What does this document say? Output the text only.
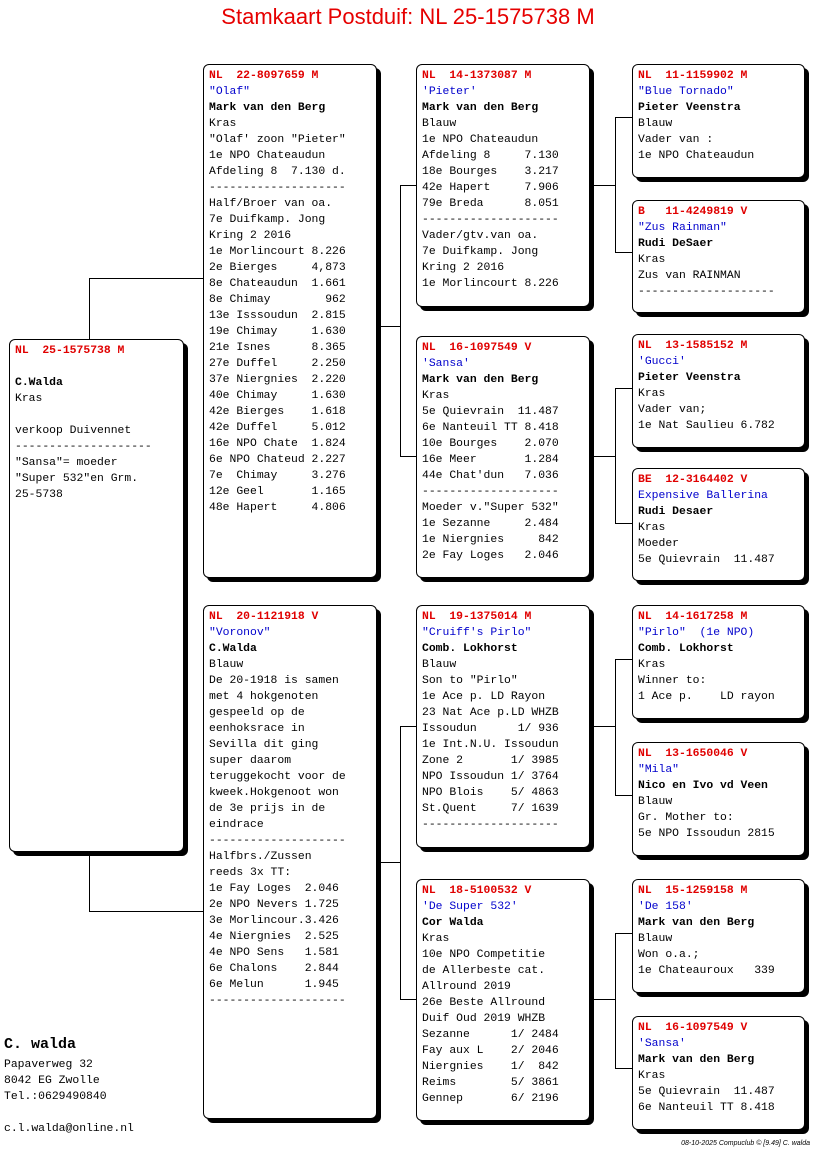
Stamkaart Postduif: NL 25-1575738 M
NL  25-1575738 M
C.Walda
Kras
verkoop Duivennet
--------------------
"Sansa"= moeder
"Super 532"en Grm.
25-5738
NL  22-8097659 M
"Olaf"
Mark van den Berg
Kras
"Olaf' zoon "Pieter"
1e NPO Chateaudun
Afdeling 8  7.130 d.
--------------------
Half/Broer van oa.
7e Duifkamp. Jong
Kring 2 2016
1e Morlincourt 8.226
2e Bierges     4,873
8e Chateaudun  1.661
8e Chimay        962
13e Isssoudun  2.815
19e Chimay     1.630
21e Isnes      8.365
27e Duffel     2.250
37e Niergnies  2.220
40e Chimay     1.630
42e Bierges    1.618
42e Duffel     5.012
16e NPO Chate  1.824
6e NPO Chateud 2.227
7e  Chimay     3.276
12e Geel       1.165
48e Hapert     4.806
NL  20-1121918 V
"Voronov"
C.Walda
Blauw
De 20-1918 is samen
met 4 hokgenoten
gespeeld op de
eenhoksrace in
Sevilla dit ging
super daarom
teruggekocht voor de
kweek.Hokgenoot won
de 3e prijs in de
eindrace
--------------------
Halfbrs./Zussen
reeds 3x TT:
1e Fay Loges  2.046
2e NPO Nevers 1.725
3e Morlincour.3.426
4e Niergnies  2.525
4e NPO Sens   1.581
6e Chalons    2.844
6e Melun      1.945
--------------------
NL  14-1373087 M
'Pieter'
Mark van den Berg
Blauw
1e NPO Chateaudun
Afdeling 8     7.130
18e Bourges    3.217
42e Hapert     7.906
79e Breda      8.051
--------------------
Vader/gtv.van oa.
7e Duifkamp. Jong
Kring 2 2016
1e Morlincourt 8.226
NL  16-1097549 V
'Sansa'
Mark van den Berg
Kras
5e Quievrain  11.487
6e Nanteuil TT 8.418
10e Bourges    2.070
16e Meer       1.284
44e Chat'dun   7.036
--------------------
Moeder v."Super 532"
1e Sezanne     2.484
1e Niergnies     842
2e Fay Loges   2.046
NL  19-1375014 M
"Cruiff's Pirlo"
Comb. Lokhorst
Blauw
Son to "Pirlo"
1e Ace p. LD Rayon
23 Nat Ace p.LD WHZB
Issoudun      1/ 936
1e Int.N.U. Issoudun
Zone 2       1/ 3985
NPO Issoudun 1/ 3764
NPO Blois    5/ 4863
St.Quent     7/ 1639
--------------------
NL  18-5100532 V
'De Super 532'
Cor Walda
Kras
10e NPO Competitie
de Allerbeste cat.
Allround 2019
26e Beste Allround
Duif Oud 2019 WHZB
Sezanne      1/ 2484
Fay aux L    2/ 2046
Niergnies    1/  842
Reims        5/ 3861
Gennep       6/ 2196
NL  11-1159902 M
"Blue Tornado"
Pieter Veenstra
Blauw
Vader van :
1e NPO Chateaudun
B   11-4249819 V
"Zus Rainman"
Rudi DeSaer
Kras
Zus van RAINMAN
--------------------
NL  13-1585152 M
'Gucci'
Pieter Veenstra
Kras
Vader van;
1e Nat Saulieu 6.782
BE  12-3164402 V
Expensive Ballerina
Rudi Desaer
Kras
Moeder
5e Quievrain  11.487
NL  14-1617258 M
"Pirlo"  (1e NPO)
Comb. Lokhorst
Kras
Winner to:
1 Ace p.    LD rayon
NL  13-1650046 V
"Mila"
Nico en Ivo vd Veen
Blauw
Gr. Mother to:
5e NPO Issoudun 2815
NL  15-1259158 M
'De 158'
Mark van den Berg
Blauw
Won o.a.;
1e Chateauroux   339
NL  16-1097549 V
'Sansa'
Mark van den Berg
Kras
5e Quievrain  11.487
6e Nanteuil TT 8.418
C. walda
Papaverweg 32
8042 EG Zwolle
Tel.:0629490840
c.l.walda@online.nl
08-10-2025 Compuclub © [9.49] C. walda
